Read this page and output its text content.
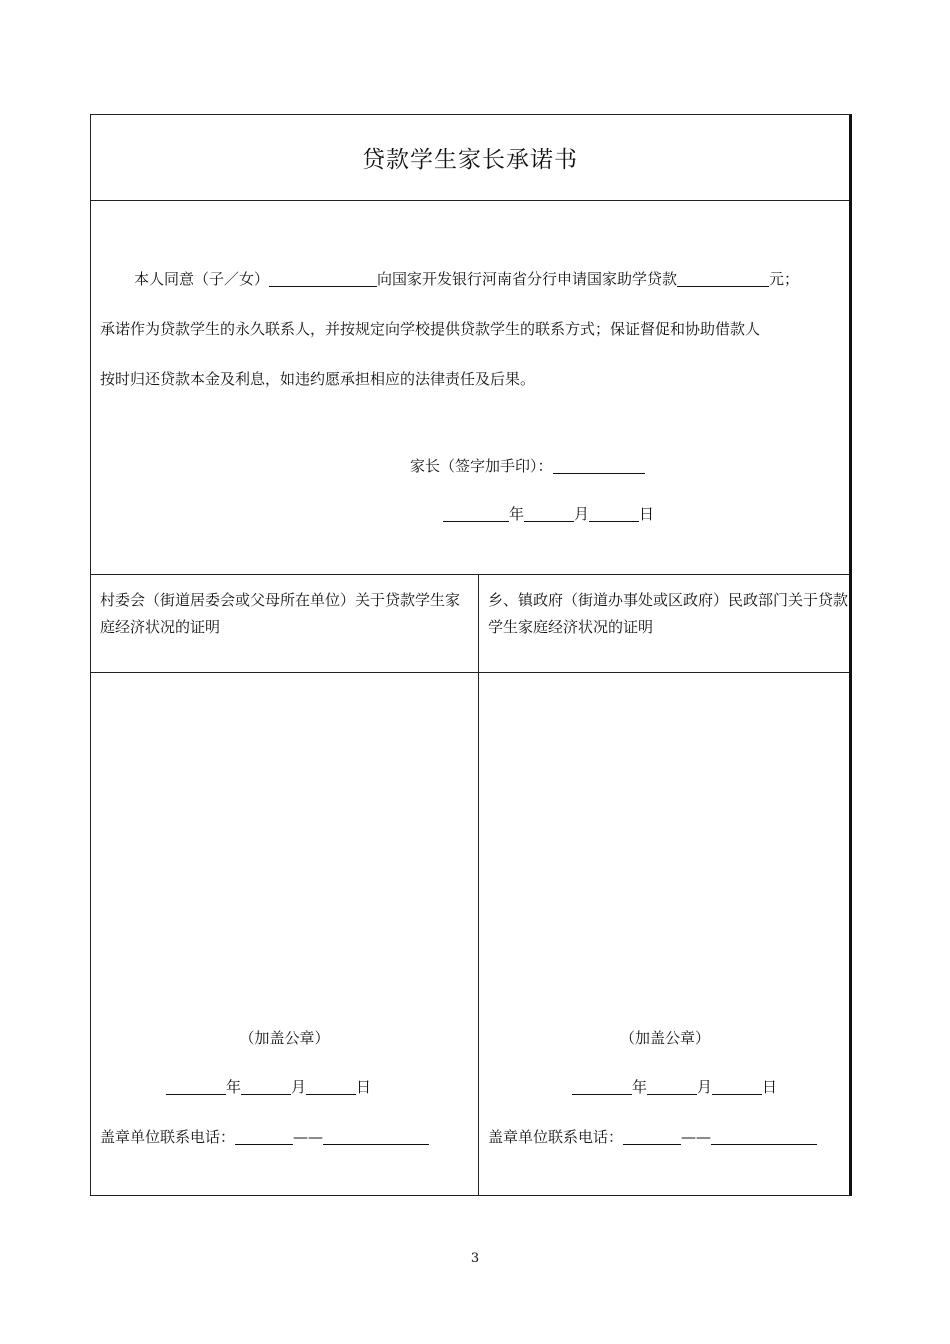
贷款学生家长承诺书
本人同意（子／女）	向国家开发银行河南省分行申请国家助学贷款	元；
承诺作为贷款学生的永久联系人，并按规定向学校提供贷款学生的联系方式；保证督促和协助借款人
按时归还贷款本金及利息，如违约愿承担相应的法律责任及后果。
家长（签字加手印）：
年	月	日
村委会（街道居委会或父母所在单位）关于贷款学生家庭经济状况的证明
乡、镇政府（街道办事处或区政府）民政部门关于贷款学生家庭经济状况的证明
（加盖公章）
年	月	日
盖章单位联系电话：	——
（加盖公章）
年	月	日
盖章单位联系电话：	——
3
